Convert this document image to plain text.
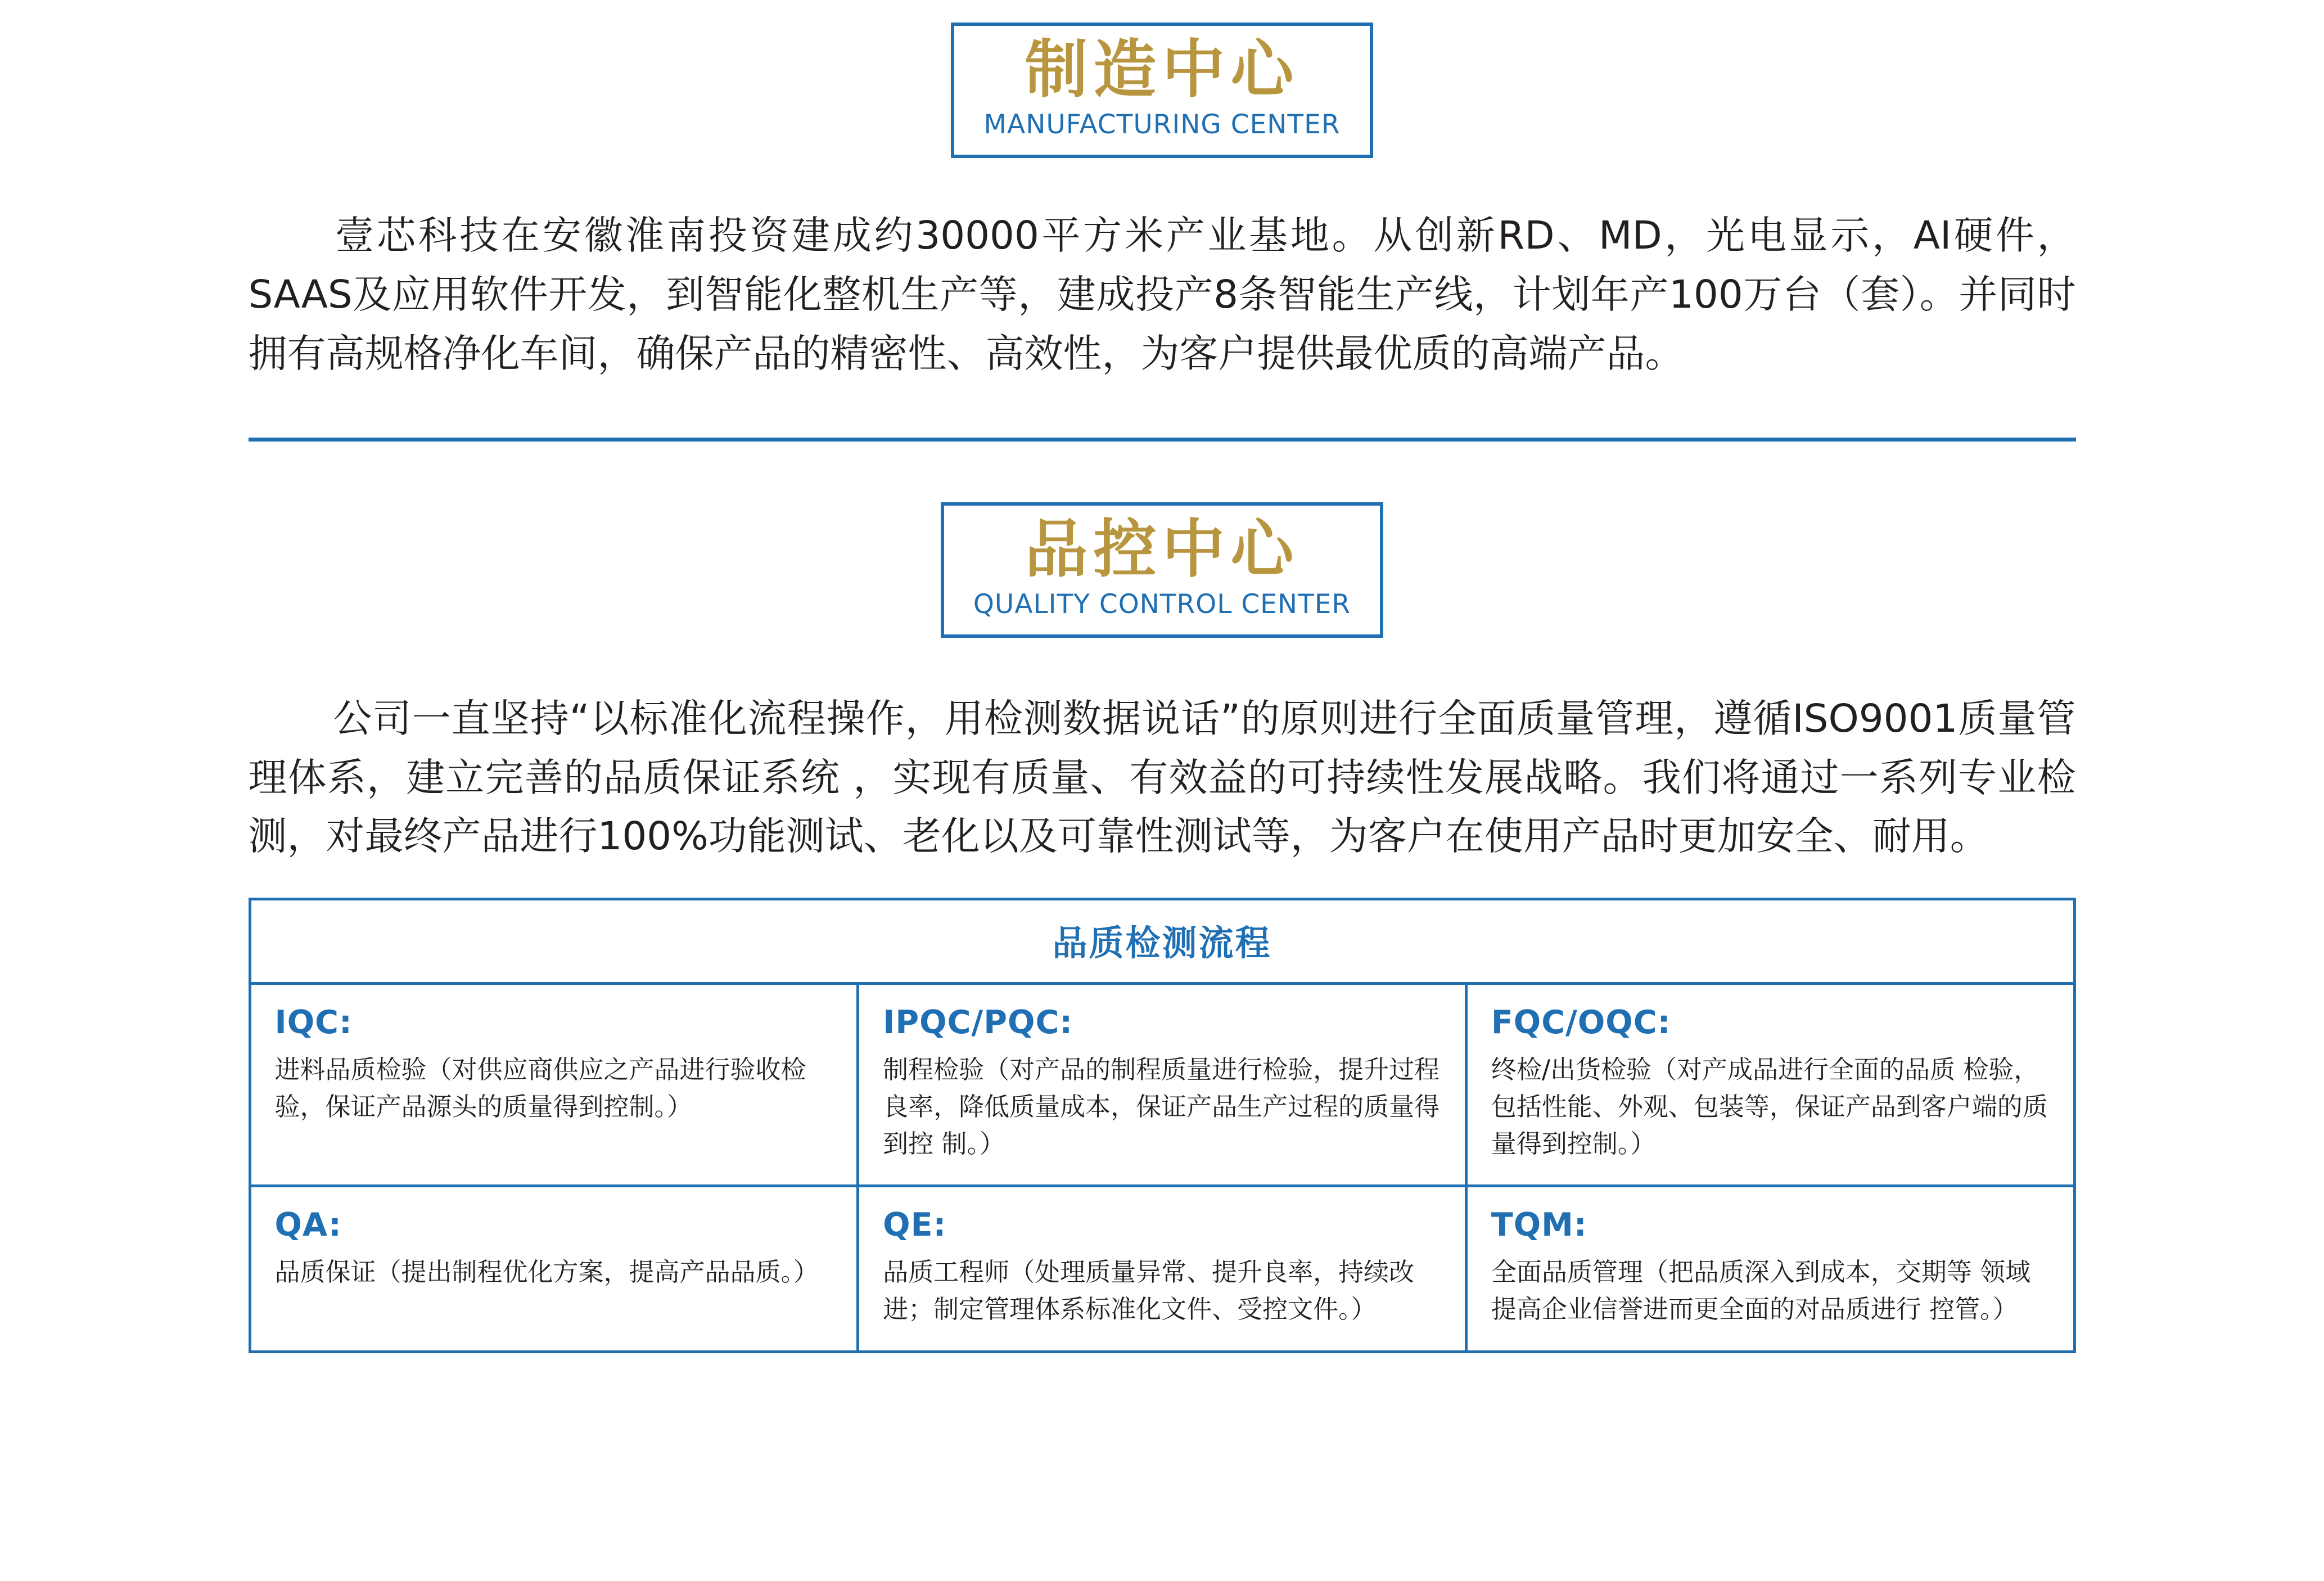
制造中心
MANUFACTURING CENTER

壹芯科技在安徽淮南投资建成约30000平方米产业基地。从创新RD、MD，光电显示，AI硬件， SAAS及应用软件开发，到智能化整机生产等，建成投产8条智能生产线，计划年产100万台（套）。并同时拥有高规格净化车间，确保产品的精密性、高效性，为客户提供最优质的高端产品。

品控中心
QUALITY CONTROL CENTER

公司一直坚持“以标准化流程操作，用检测数据说话”的原则进行全面质量管理，遵循ISO9001质量管理体系，建立完善的品质保证系统 ，实现有质量、有效益的可持续性发展战略。我们将通过一系列专业检测，对最终产品进行100%功能测试、老化以及可靠性测试等，为客户在使用产品时更加安全、耐用。

品质检测流程		

IQC:
进料品质检验（对供应商供应之产品进行验收检验，保证产品源头的质量得到控制。）

IPQC/PQC:
制程检验（对产品的制程质量进行检验，提升过程良率，降低质量成本，保证产品生产过程的质量得到控 制。）

FQC/OQC:
终检/出货检验（对产成品进行全面的品质 检验，包括性能、外观、包装等，保证产品到客户端的质量得到控制。）

QA:
品质保证（提出制程优化方案，提高产品品质。）

QE:
品质工程师（处理质量异常、提升良率，持续改进；制定管理体系标准化文件、受控文件。）

TQM:
全面品质管理（把品质深入到成本，交期等 领域提高企业信誉进而更全面的对品质进行 控管。）
